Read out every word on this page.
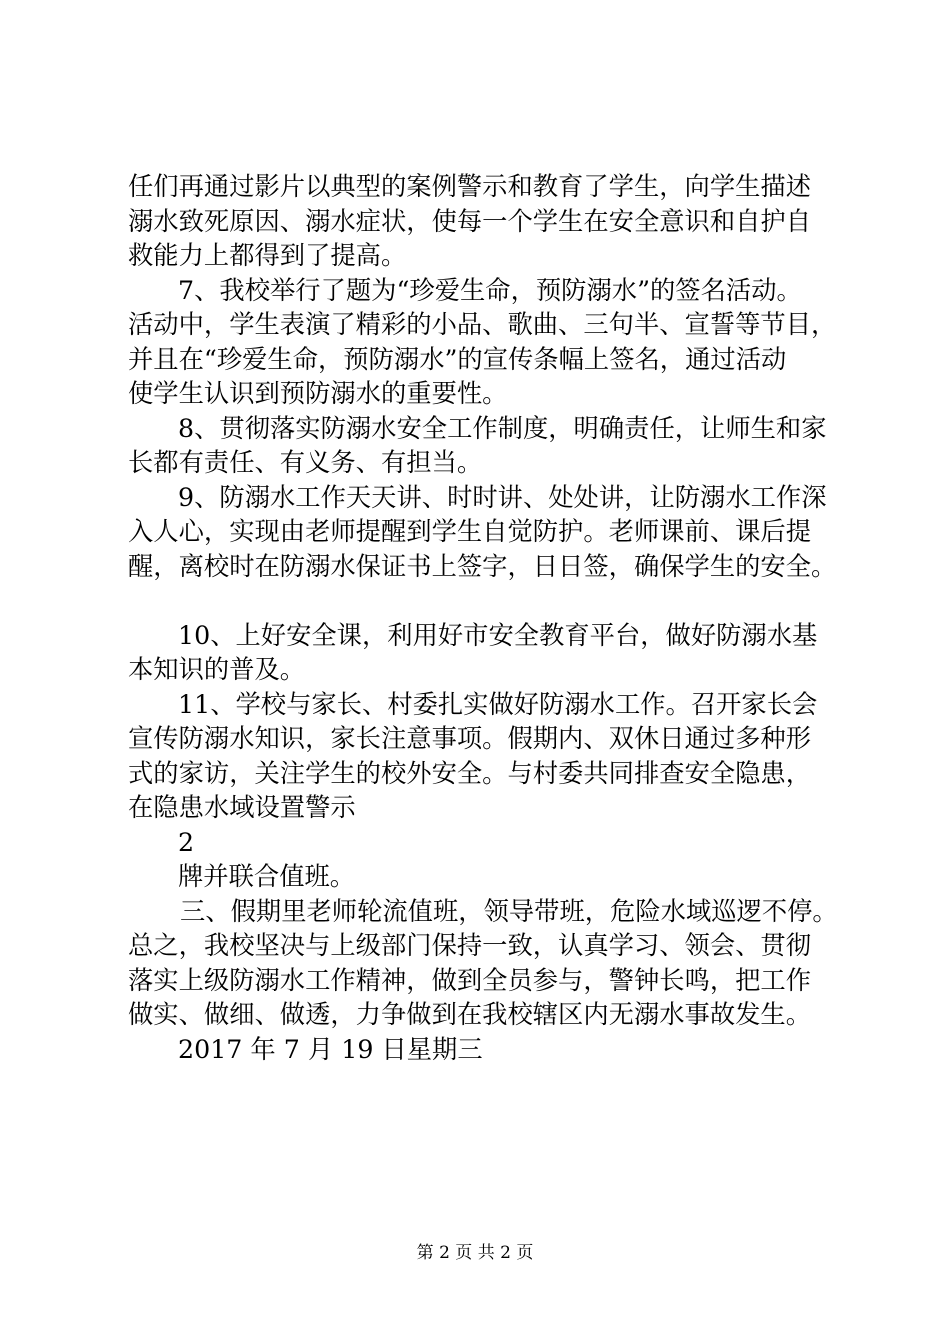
任们再通过影片以典型的案例警示和教育了学生，向学生描述
溺水致死原因、溺水症状，使每一个学生在安全意识和自护自
救能力上都得到了提高。
7、我校举行了题为“珍爱生命，预防溺水”的签名活动。
活动中，学生表演了精彩的小品、歌曲、三句半、宣誓等节目，
并且在“珍爱生命，预防溺水”的宣传条幅上签名，通过活动
使学生认识到预防溺水的重要性。
8、贯彻落实防溺水安全工作制度，明确责任，让师生和家
长都有责任、有义务、有担当。
9、防溺水工作天天讲、时时讲、处处讲，让防溺水工作深
入人心，实现由老师提醒到学生自觉防护。老师课前、课后提
醒，离校时在防溺水保证书上签字，日日签，确保学生的安全。
10、上好安全课，利用好市安全教育平台，做好防溺水基
本知识的普及。
11、学校与家长、村委扎实做好防溺水工作。召开家长会
宣传防溺水知识，家长注意事项。假期内、双休日通过多种形
式的家访，关注学生的校外安全。与村委共同排查安全隐患，
在隐患水域设置警示
2
牌并联合值班。
三、假期里老师轮流值班，领导带班，危险水域巡逻不停。
总之，我校坚决与上级部门保持一致，认真学习、领会、贯彻
落实上级防溺水工作精神，做到全员参与，警钟长鸣，把工作
做实、做细、做透，力争做到在我校辖区内无溺水事故发生。
2017 年 7 月 19 日星期三
第 2 页 共 2 页
